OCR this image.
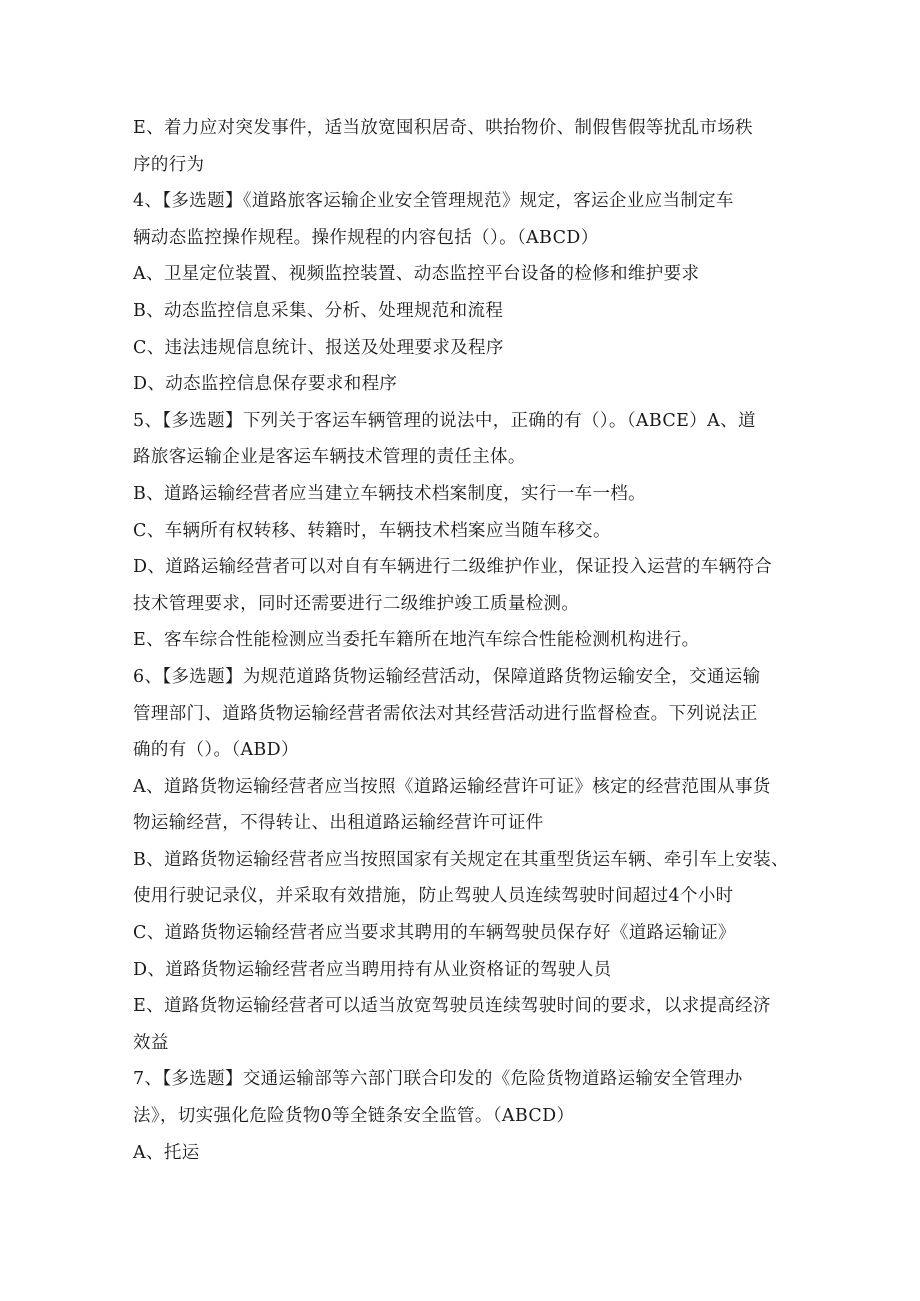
E、着力应对突发事件，适当放宽囤积居奇、哄抬物价、制假售假等扰乱市场秩
序的行为
4、【多选题】《道路旅客运输企业安全管理规范》规定，客运企业应当制定车
辆动态监控操作规程。操作规程的内容包括（）。（ABCD）
A、卫星定位装置、视频监控装置、动态监控平台设备的检修和维护要求
B、动态监控信息采集、分析、处理规范和流程
C、违法违规信息统计、报送及处理要求及程序
D、动态监控信息保存要求和程序
5、【多选题】下列关于客运车辆管理的说法中，正确的有（）。（ABCE）A、道
路旅客运输企业是客运车辆技术管理的责任主体。
B、道路运输经营者应当建立车辆技术档案制度，实行一车一档。
C、车辆所有权转移、转籍时，车辆技术档案应当随车移交。
D、道路运输经营者可以对自有车辆进行二级维护作业，保证投入运营的车辆符合
技术管理要求，同时还需要进行二级维护竣工质量检测。
E、客车综合性能检测应当委托车籍所在地汽车综合性能检测机构进行。
6、【多选题】为规范道路货物运输经营活动，保障道路货物运输安全，交通运输
管理部门、道路货物运输经营者需依法对其经营活动进行监督检查。下列说法正
确的有（）。（ABD）
A、道路货物运输经营者应当按照《道路运输经营许可证》核定的经营范围从事货
物运输经营，不得转让、出租道路运输经营许可证件
B、道路货物运输经营者应当按照国家有关规定在其重型货运车辆、牵引车上安装、
使用行驶记录仪，并采取有效措施，防止驾驶人员连续驾驶时间超过4个小时
C、道路货物运输经营者应当要求其聘用的车辆驾驶员保存好《道路运输证》
D、道路货物运输经营者应当聘用持有从业资格证的驾驶人员
E、道路货物运输经营者可以适当放宽驾驶员连续驾驶时间的要求，以求提高经济
效益
7、【多选题】交通运输部等六部门联合印发的《危险货物道路运输安全管理办
法》，切实强化危险货物0等全链条安全监管。（ABCD）
A、托运
